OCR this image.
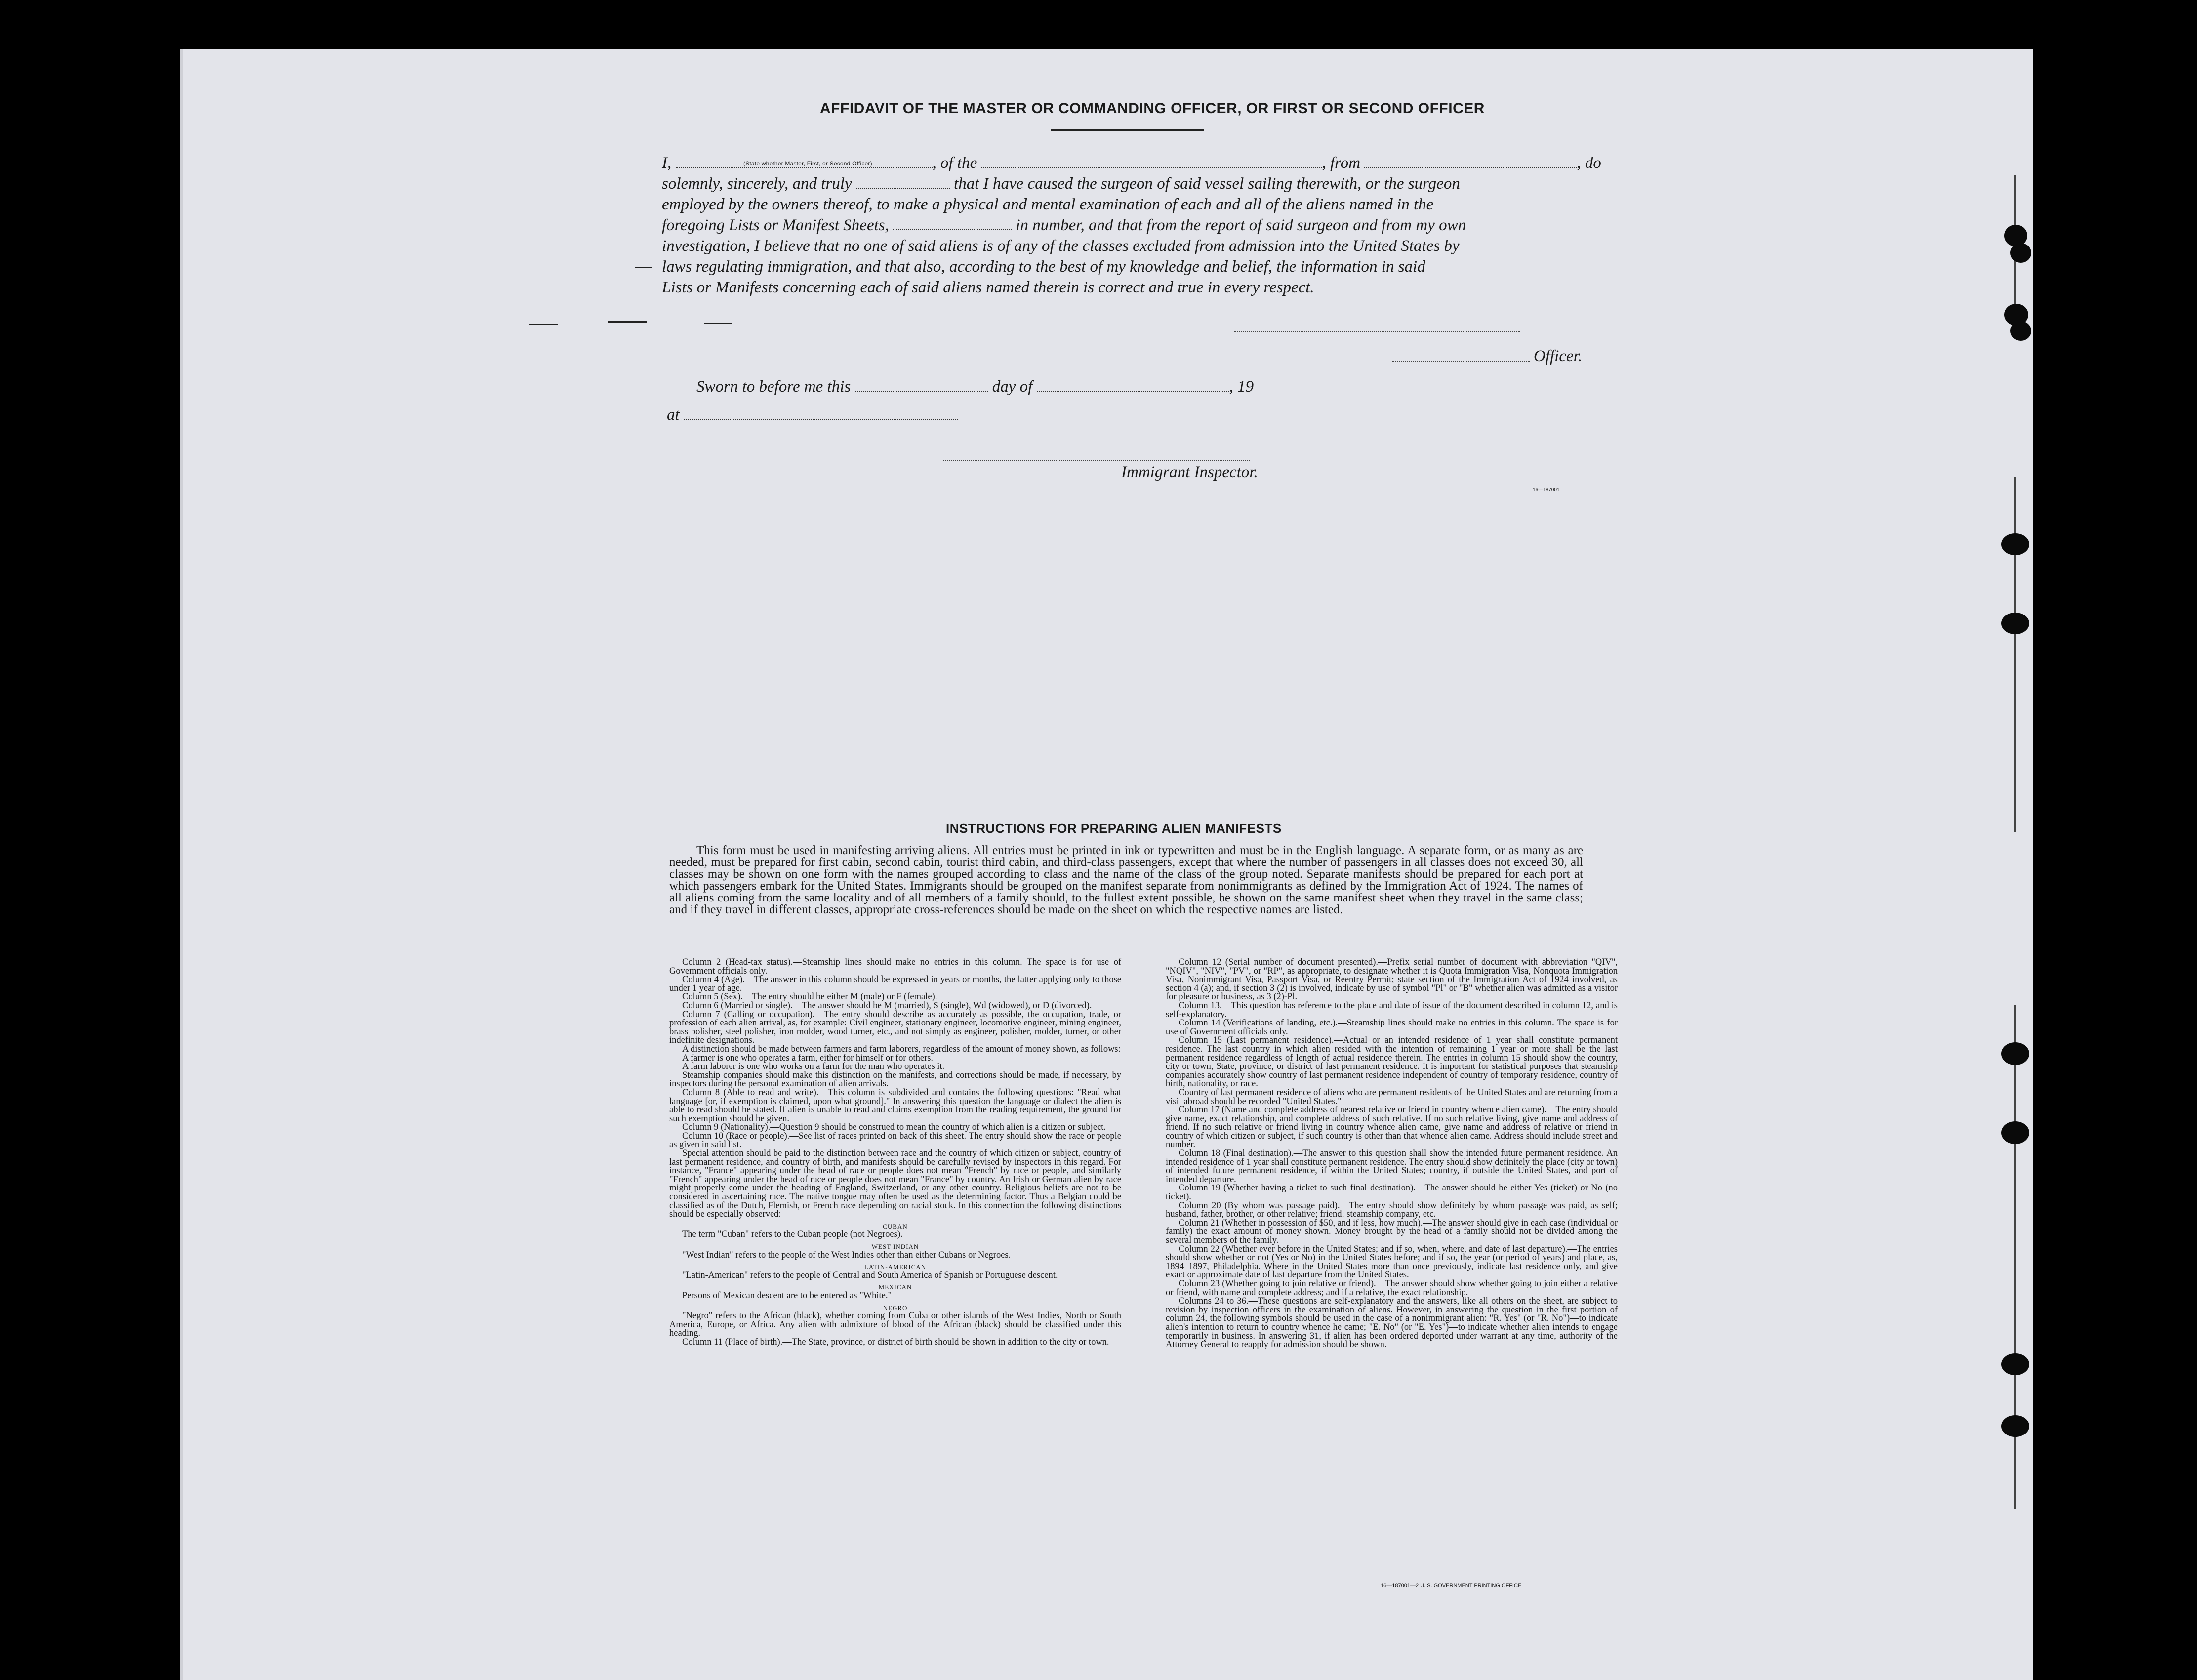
AFFIDAVIT OF THE MASTER OR COMMANDING OFFICER, OR FIRST OR SECOND OFFICER
I,	, of the	, from	, do
(State whether Master, First, or Second Officer)
solemnly, sincerely, and truly	that I have caused the surgeon of said vessel sailing therewith, or the surgeon
employed by the owners thereof, to make a physical and mental examination of each and all of the aliens named in the
foregoing Lists or Manifest Sheets,	in number, and that from the report of said surgeon and from my own
investigation, I believe that no one of said aliens is of any of the classes excluded from admission into the United States by
laws regulating immigration, and that also, according to the best of my knowledge and belief, the information in said
Lists or Manifests concerning each of said aliens named therein is correct and true in every respect.
Officer.
Sworn to before me this	day of	, 19
at
Immigrant Inspector.
16—187001
INSTRUCTIONS FOR PREPARING ALIEN MANIFESTS
This form must be used in manifesting arriving aliens. All entries must be printed in ink or typewritten and must be in the English language. A separate form, or as many as are needed, must be prepared for first cabin, second cabin, tourist third cabin, and third-class passengers, except that where the number of passengers in all classes does not exceed 30, all classes may be shown on one form with the names grouped according to class and the name of the class of the group noted. Separate manifests should be prepared for each port at which passengers embark for the United States. Immigrants should be grouped on the manifest separate from nonimmigrants as defined by the Immigration Act of 1924. The names of all aliens coming from the same locality and of all members of a family should, to the fullest extent possible, be shown on the same manifest sheet when they travel in the same class; and if they travel in different classes, appropriate cross-references should be made on the sheet on which the respective names are listed.

Column 2 (Head-tax status).—Steamship lines should make no entries in this column. The space is for use of Government officials only.

Column 4 (Age).—The answer in this column should be expressed in years or months, the latter applying only to those under 1 year of age.

Column 5 (Sex).—The entry should be either M (male) or F (female).

Column 6 (Married or single).—The answer should be M (married), S (single), Wd (widowed), or D (divorced).

Column 7 (Calling or occupation).—The entry should describe as accurately as possible, the occupation, trade, or profession of each alien arrival, as, for example: Civil engineer, stationary engineer, locomotive engineer, mining engineer, brass polisher, steel polisher, iron molder, wood turner, etc., and not simply as engineer, polisher, molder, turner, or other indefinite designations.

A distinction should be made between farmers and farm laborers, regardless of the amount of money shown, as follows:

A farmer is one who operates a farm, either for himself or for others.

A farm laborer is one who works on a farm for the man who operates it.

Steamship companies should make this distinction on the manifests, and corrections should be made, if necessary, by inspectors during the personal examination of alien arrivals.

Column 8 (Able to read and write).—This column is subdivided and contains the following questions: "Read what language [or, if exemption is claimed, upon what ground]." In answering this question the language or dialect the alien is able to read should be stated. If alien is unable to read and claims exemption from the reading requirement, the ground for such exemption should be given.

Column 9 (Nationality).—Question 9 should be construed to mean the country of which alien is a citizen or subject.

Column 10 (Race or people).—See list of races printed on back of this sheet. The entry should show the race or people as given in said list.

Special attention should be paid to the distinction between race and the country of which citizen or subject, country of last permanent residence, and country of birth, and manifests should be carefully revised by inspectors in this regard. For instance, "France" appearing under the head of race or people does not mean "French" by race or people, and similarly "French" appearing under the head of race or people does not mean "France" by country. An Irish or German alien by race might properly come under the heading of England, Switzerland, or any other country. Religious beliefs are not to be considered in ascertaining race. The native tongue may often be used as the determining factor. Thus a Belgian could be classified as of the Dutch, Flemish, or French race depending on racial stock. In this connection the following distinctions should be especially observed:

CUBAN

The term "Cuban" refers to the Cuban people (not Negroes).

WEST INDIAN

"West Indian" refers to the people of the West Indies other than either Cubans or Negroes.

LATIN-AMERICAN

"Latin-American" refers to the people of Central and South America of Spanish or Portuguese descent.

MEXICAN

Persons of Mexican descent are to be entered as "White."

NEGRO

"Negro" refers to the African (black), whether coming from Cuba or other islands of the West Indies, North or South America, Europe, or Africa. Any alien with admixture of blood of the African (black) should be classified under this heading.

Column 11 (Place of birth).—The State, province, or district of birth should be shown in addition to the city or town.

Column 12 (Serial number of document presented).—Prefix serial number of document with abbreviation "QIV", "NQIV", "NIV", "PV", or "RP", as appropriate, to designate whether it is Quota Immigration Visa, Nonquota Immigration Visa, Nonimmigrant Visa, Passport Visa, or Reentry Permit; state section of the Immigration Act of 1924 involved, as section 4 (a); and, if section 3 (2) is involved, indicate by use of symbol "Pl" or "B" whether alien was admitted as a visitor for pleasure or business, as 3 (2)-Pl.

Column 13.—This question has reference to the place and date of issue of the document described in column 12, and is self-explanatory.

Column 14 (Verifications of landing, etc.).—Steamship lines should make no entries in this column. The space is for use of Government officials only.

Column 15 (Last permanent residence).—Actual or an intended residence of 1 year shall constitute permanent residence. The last country in which alien resided with the intention of remaining 1 year or more shall be the last permanent residence regardless of length of actual residence therein. The entries in column 15 should show the country, city or town, State, province, or district of last permanent residence. It is important for statistical purposes that steamship companies accurately show country of last permanent residence independent of country of temporary residence, country of birth, nationality, or race.

Country of last permanent residence of aliens who are permanent residents of the United States and are returning from a visit abroad should be recorded "United States."

Column 17 (Name and complete address of nearest relative or friend in country whence alien came).—The entry should give name, exact relationship, and complete address of such relative. If no such relative living, give name and address of friend. If no such relative or friend living in country whence alien came, give name and address of relative or friend in country of which citizen or subject, if such country is other than that whence alien came. Address should include street and number.

Column 18 (Final destination).—The answer to this question shall show the intended future permanent residence. An intended residence of 1 year shall constitute permanent residence. The entry should show definitely the place (city or town) of intended future permanent residence, if within the United States; country, if outside the United States, and port of intended departure.

Column 19 (Whether having a ticket to such final destination).—The answer should be either Yes (ticket) or No (no ticket).

Column 20 (By whom was passage paid).—The entry should show definitely by whom passage was paid, as self; husband, father, brother, or other relative; friend; steamship company, etc.

Column 21 (Whether in possession of $50, and if less, how much).—The answer should give in each case (individual or family) the exact amount of money shown. Money brought by the head of a family should not be divided among the several members of the family.

Column 22 (Whether ever before in the United States; and if so, when, where, and date of last departure).—The entries should show whether or not (Yes or No) in the United States before; and if so, the year (or period of years) and place, as, 1894–1897, Philadelphia. Where in the United States more than once previously, indicate last residence only, and give exact or approximate date of last departure from the United States.

Column 23 (Whether going to join relative or friend).—The answer should show whether going to join either a relative or friend, with name and complete address; and if a relative, the exact relationship.

Columns 24 to 36.—These questions are self-explanatory and the answers, like all others on the sheet, are subject to revision by inspection officers in the examination of aliens. However, in answering the question in the first portion of column 24, the following symbols should be used in the case of a nonimmigrant alien: "R. Yes" (or "R. No")—to indicate alien's intention to return to country whence he came; "E. No" (or "E. Yes")—to indicate whether alien intends to engage temporarily in business. In answering 31, if alien has been ordered deported under warrant at any time, authority of the Attorney General to reapply for admission should be shown.

16—187001—2 U. S. GOVERNMENT PRINTING OFFICE
